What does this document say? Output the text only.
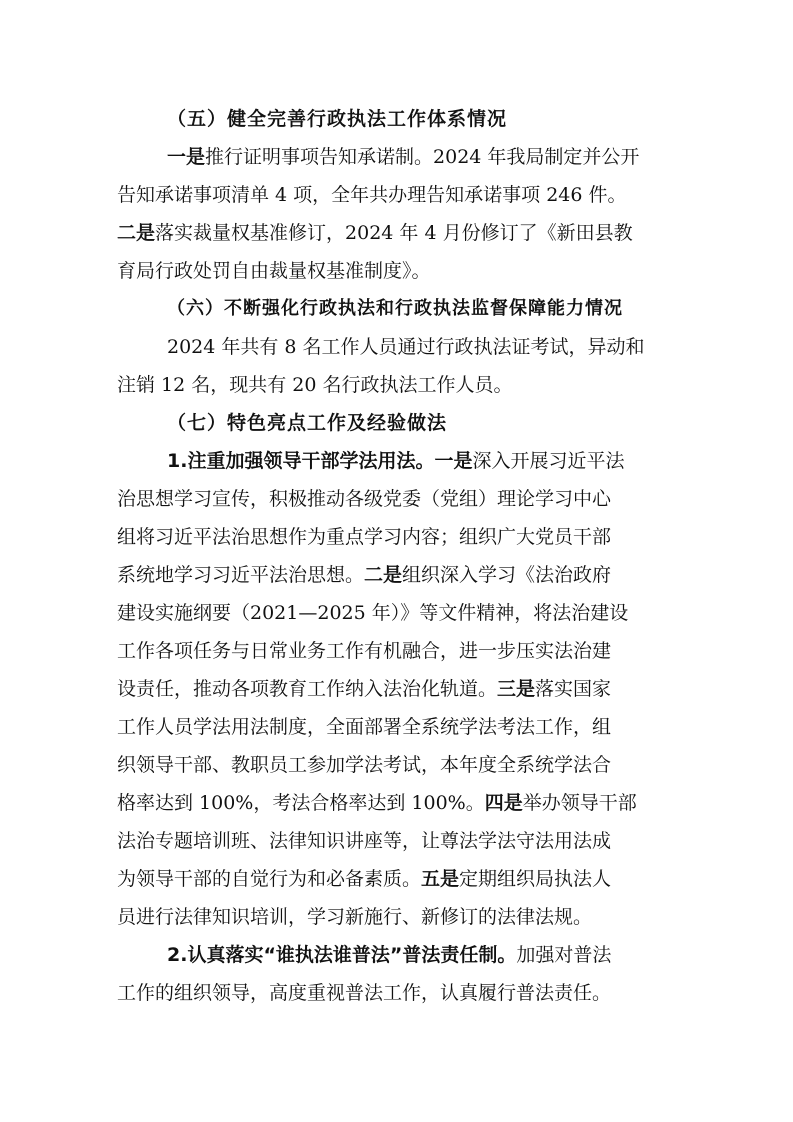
（五）健全完善行政执法工作体系情况
一是推行证明事项告知承诺制。2024 年我局制定并公开
告知承诺事项清单 4 项，全年共办理告知承诺事项 246 件。
二是落实裁量权基准修订，2024 年 4 月份修订了《新田县教
育局行政处罚自由裁量权基准制度》。
（六）不断强化行政执法和行政执法监督保障能力情况
2024 年共有 8 名工作人员通过行政执法证考试，异动和
注销 12 名，现共有 20 名行政执法工作人员。
（七）特色亮点工作及经验做法
1.注重加强领导干部学法用法。一是深入开展习近平法
治思想学习宣传，积极推动各级党委（党组）理论学习中心
组将习近平法治思想作为重点学习内容；组织广大党员干部
系统地学习习近平法治思想。二是组织深入学习《法治政府
建设实施纲要（2021—2025 年）》等文件精神，将法治建设
工作各项任务与日常业务工作有机融合，进一步压实法治建
设责任，推动各项教育工作纳入法治化轨道。三是落实国家
工作人员学法用法制度，全面部署全系统学法考法工作，组
织领导干部、教职员工参加学法考试，本年度全系统学法合
格率达到 100%，考法合格率达到 100%。四是举办领导干部
法治专题培训班、法律知识讲座等，让尊法学法守法用法成
为领导干部的自觉行为和必备素质。五是定期组织局执法人
员进行法律知识培训，学习新施行、新修订的法律法规。
2.认真落实“谁执法谁普法”普法责任制。加强对普法
工作的组织领导，高度重视普法工作，认真履行普法责任。
